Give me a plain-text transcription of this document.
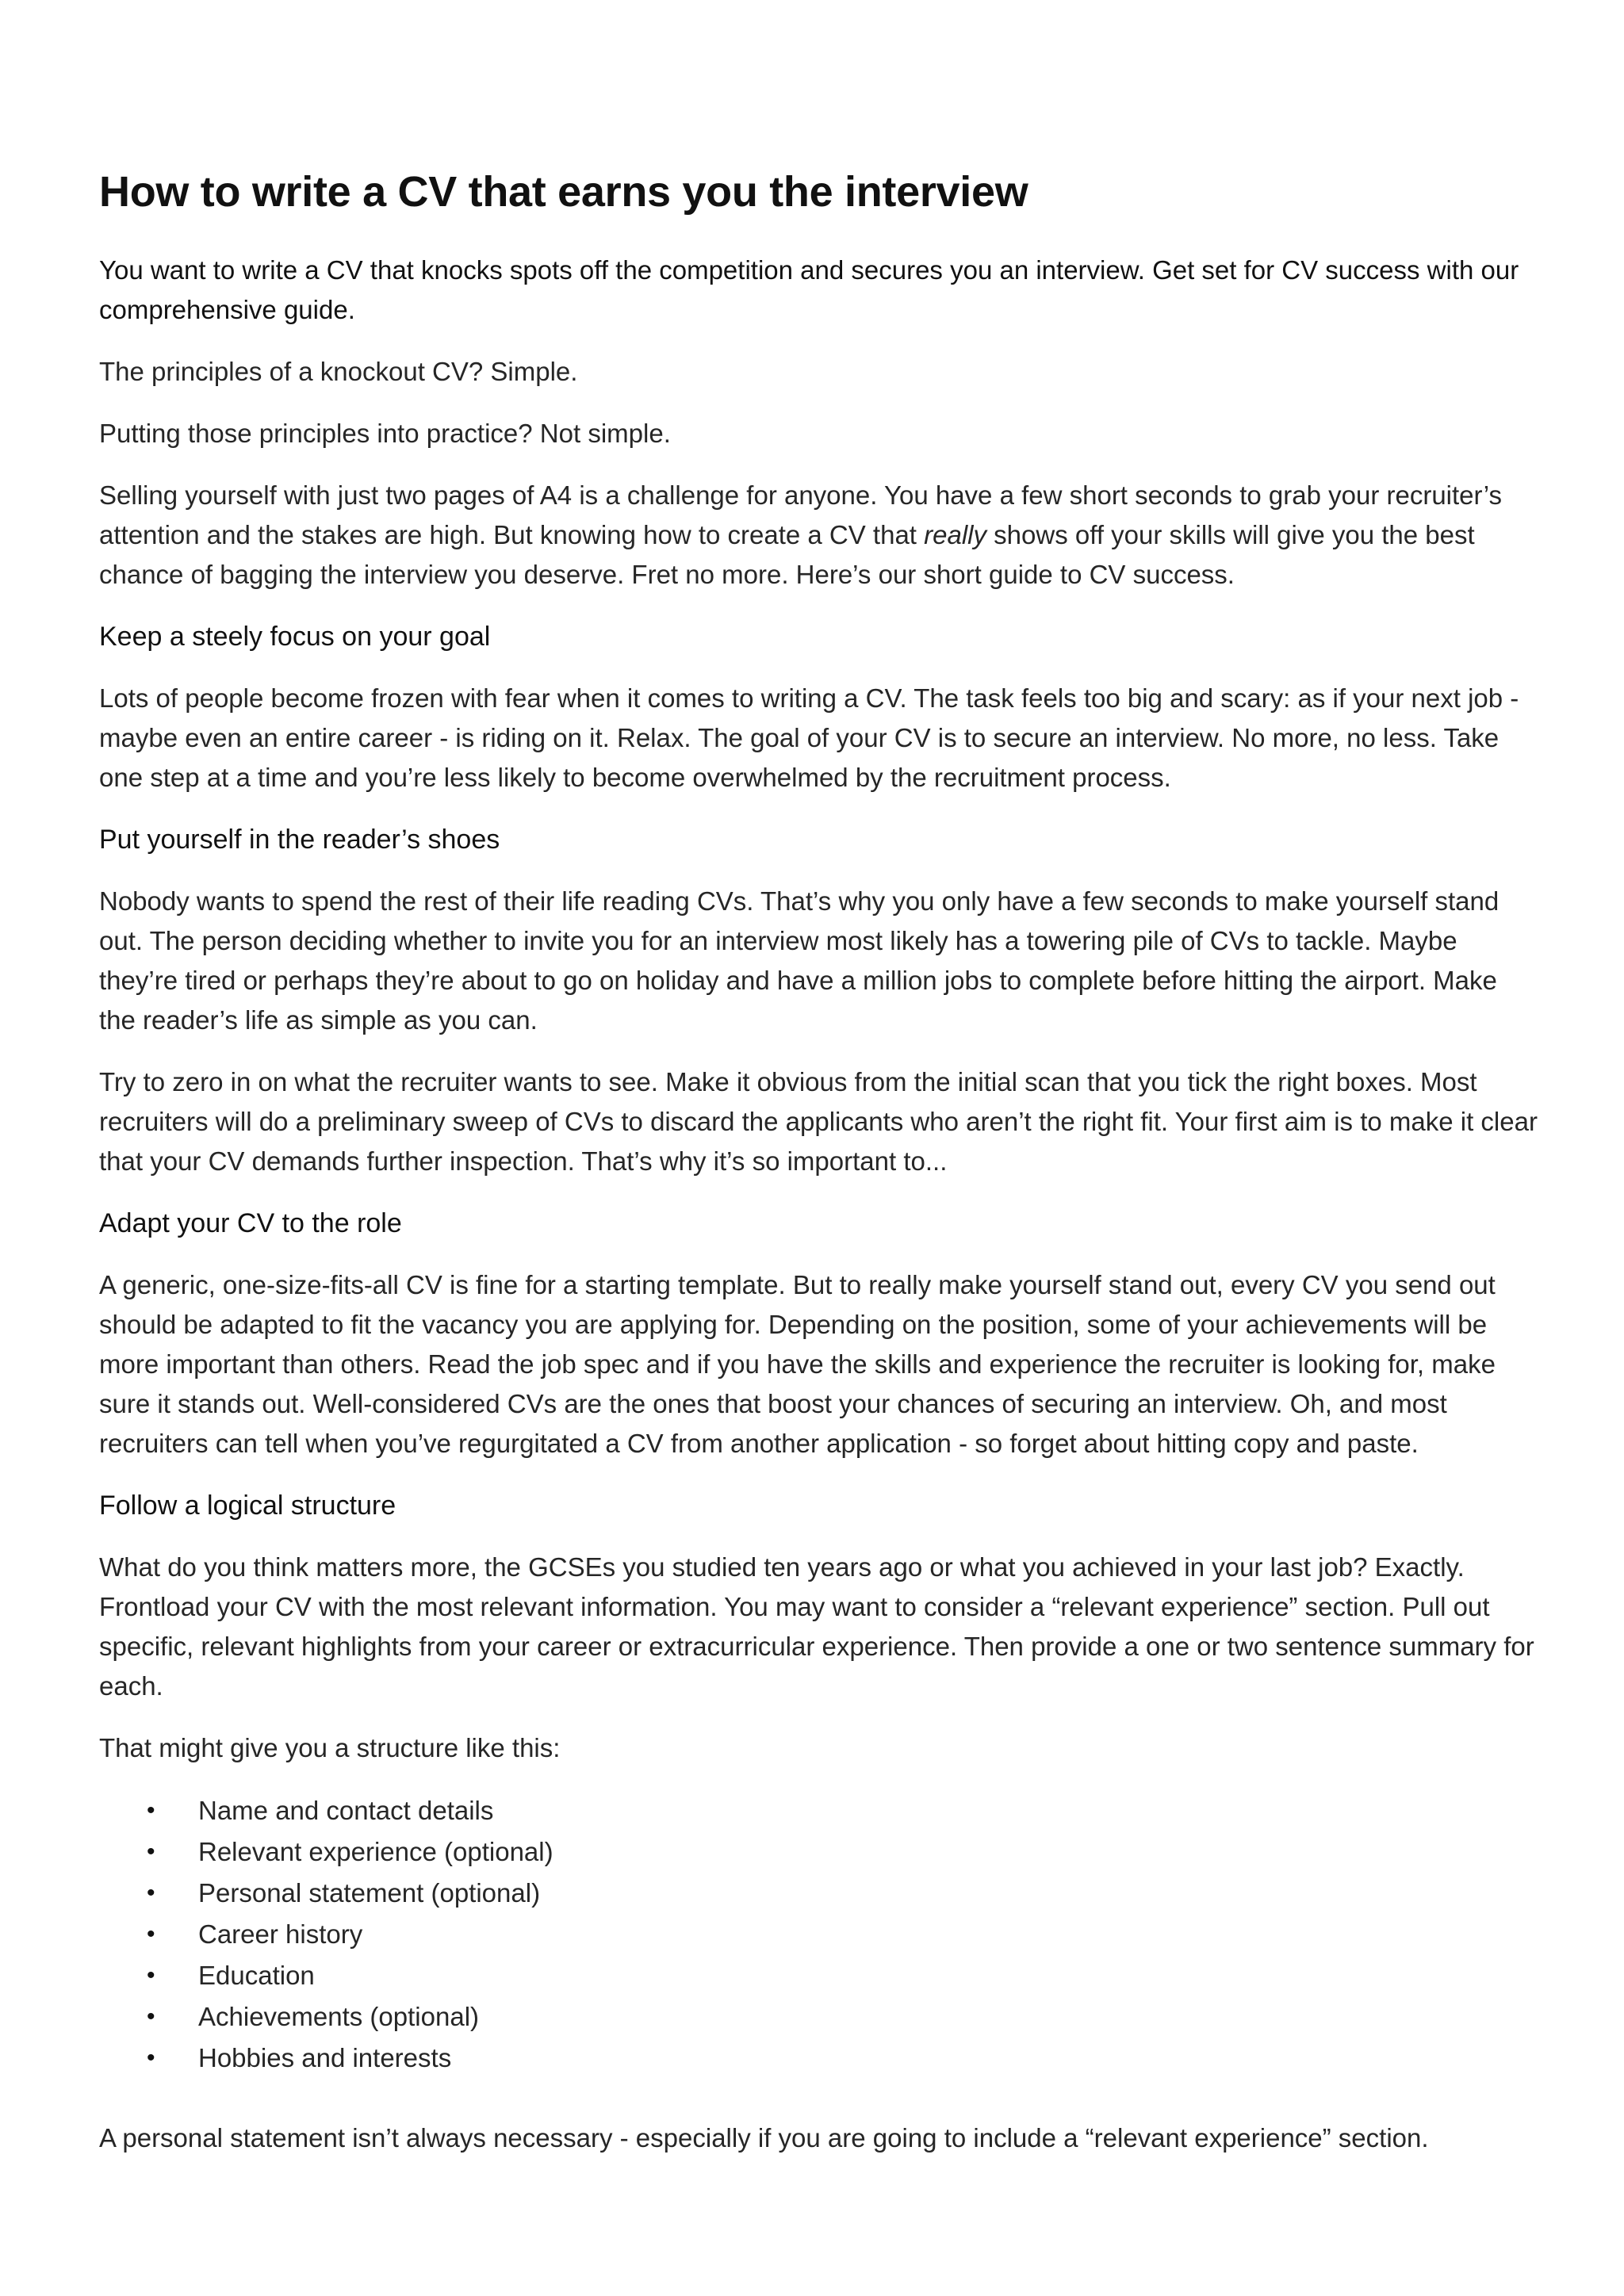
How to write a CV that earns you the interview

You want to write a CV that knocks spots off the competition and secures you an interview. Get set for CV success with our comprehensive guide.

The principles of a knockout CV? Simple.

Putting those principles into practice? Not simple.

Selling yourself with just two pages of A4 is a challenge for anyone. You have a few short seconds to grab your recruiter’s attention and the stakes are high. But knowing how to create a CV that really shows off your skills will give you the best chance of bagging the interview you deserve. Fret no more. Here’s our short guide to CV success.

Keep a steely focus on your goal

Lots of people become frozen with fear when it comes to writing a CV. The task feels too big and scary: as if your next job - maybe even an entire career - is riding on it. Relax. The goal of your CV is to secure an interview. No more, no less. Take one step at a time and you’re less likely to become overwhelmed by the recruitment process.

Put yourself in the reader’s shoes

Nobody wants to spend the rest of their life reading CVs. That’s why you only have a few seconds to make yourself stand out. The person deciding whether to invite you for an interview most likely has a towering pile of CVs to tackle. Maybe they’re tired or perhaps they’re about to go on holiday and have a million jobs to complete before hitting the airport. Make the reader’s life as simple as you can.

Try to zero in on what the recruiter wants to see. Make it obvious from the initial scan that you tick the right boxes. Most recruiters will do a preliminary sweep of CVs to discard the applicants who aren’t the right fit. Your first aim is to make it clear that your CV demands further inspection. That’s why it’s so important to...

Adapt your CV to the role

A generic, one-size-fits-all CV is fine for a starting template. But to really make yourself stand out, every CV you send out should be adapted to fit the vacancy you are applying for. Depending on the position, some of your achievements will be more important than others. Read the job spec and if you have the skills and experience the recruiter is looking for, make sure it stands out. Well-considered CVs are the ones that boost your chances of securing an interview. Oh, and most recruiters can tell when you’ve regurgitated a CV from another application - so forget about hitting copy and paste.

Follow a logical structure

What do you think matters more, the GCSEs you studied ten years ago or what you achieved in your last job? Exactly. Frontload your CV with the most relevant information. You may want to consider a “relevant experience” section. Pull out specific, relevant highlights from your career or extracurricular experience. Then provide a one or two sentence summary for each.

That might give you a structure like this:

• Name and contact details
• Relevant experience (optional)
• Personal statement (optional)
• Career history
• Education
• Achievements (optional)
• Hobbies and interests

A personal statement isn’t always necessary - especially if you are going to include a “relevant experience” section.
